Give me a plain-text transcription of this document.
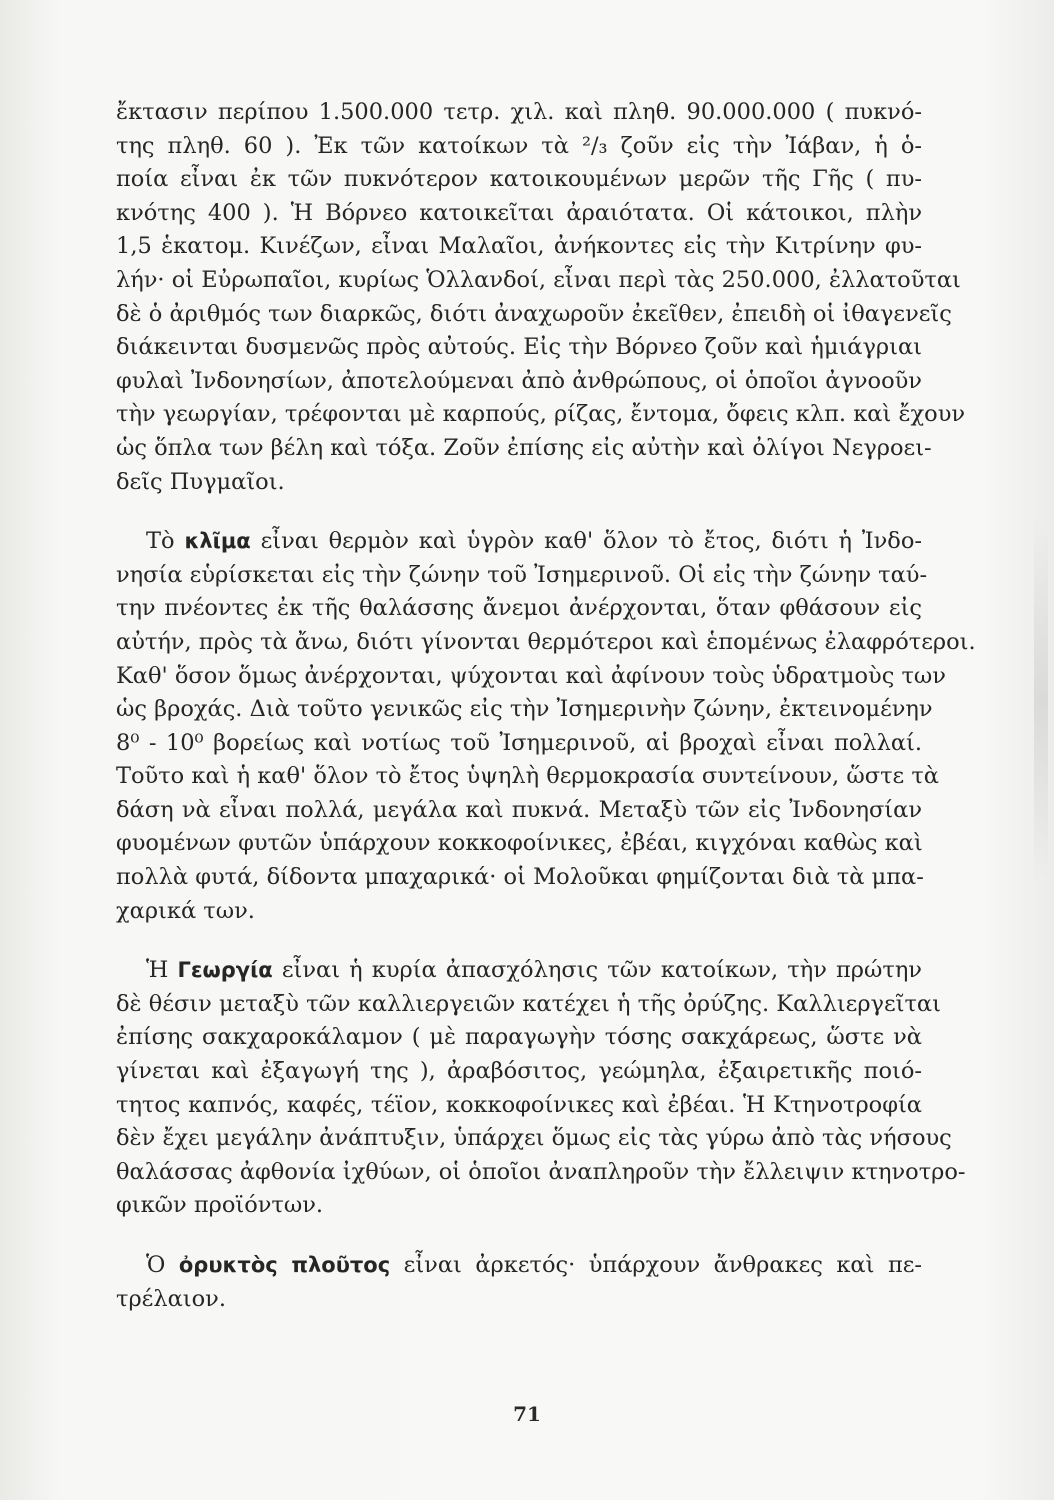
ἔκτασιν περίπου 1.500.000 τετρ. χιλ. καὶ πληθ. 90.000.000 ( πυκνό-
της πληθ. 60 ). Ἐκ τῶν κατοίκων τὰ ²/₃ ζοῦν εἰς τὴν Ἰάβαν, ἡ ὁ-
ποία εἶναι ἐκ τῶν πυκνότερον κατοικουμένων μερῶν τῆς Γῆς ( πυ-
κνότης 400 ). Ἡ Βόρνεο κατοικεῖται ἀραιότατα. Οἱ κάτοικοι, πλὴν
1,5 ἑκατομ. Κινέζων, εἶναι Μαλαῖοι, ἀνήκοντες εἰς τὴν Κιτρίνην φυ-
λήν· οἱ Εὐρωπαῖοι, κυρίως Ὁλλανδοί, εἶναι περὶ τὰς 250.000, ἐλλατοῦται
δὲ ὁ ἀριθμός των διαρκῶς, διότι ἀναχωροῦν ἐκεῖθεν, ἐπειδὴ οἱ ἰθαγενεῖς
διάκεινται δυσμενῶς πρὸς αὐτούς. Εἰς τὴν Βόρνεο ζοῦν καὶ ἡμιάγριαι
φυλαὶ Ἰνδονησίων, ἀποτελούμεναι ἀπὸ ἀνθρώπους, οἱ ὁποῖοι ἀγνοοῦν
τὴν γεωργίαν, τρέφονται μὲ καρπούς, ρίζας, ἔντομα, ὄφεις κλπ. καὶ ἔχουν
ὡς ὅπλα των βέλη καὶ τόξα. Ζοῦν ἐπίσης εἰς αὐτὴν καὶ ὀλίγοι Νεγροει-
δεῖς Πυγμαῖοι.

Τὸ κλῖμα εἶναι θερμὸν καὶ ὑγρὸν καθ' ὅλον τὸ ἔτος, διότι ἡ Ἰνδο-
νησία εὑρίσκεται εἰς τὴν ζώνην τοῦ Ἰσημερινοῦ. Οἱ εἰς τὴν ζώνην ταύ-
την πνέοντες ἐκ τῆς θαλάσσης ἄνεμοι ἀνέρχονται, ὅταν φθάσουν εἰς
αὐτήν, πρὸς τὰ ἄνω, διότι γίνονται θερμότεροι καὶ ἑπομένως ἐλαφρότεροι.
Καθ' ὅσον ὅμως ἀνέρχονται, ψύχονται καὶ ἀφίνουν τοὺς ὑδρατμοὺς των
ὡς βροχάς. Διὰ τοῦτο γενικῶς εἰς τὴν Ἰσημερινὴν ζώνην, ἐκτεινομένην
8⁰ - 10⁰ βορείως καὶ νοτίως τοῦ Ἰσημερινοῦ, αἱ βροχαὶ εἶναι πολλαί.
Τοῦτο καὶ ἡ καθ' ὅλον τὸ ἔτος ὑψηλὴ θερμοκρασία συντείνουν, ὥστε τὰ
δάση νὰ εἶναι πολλά, μεγάλα καὶ πυκνά. Μεταξὺ τῶν εἰς Ἰνδονησίαν
φυομένων φυτῶν ὑπάρχουν κοκκοφοίνικες, ἐβέαι, κιγχόναι καθὼς καὶ
πολλὰ φυτά, δίδοντα μπαχαρικά· οἱ Μολοῦκαι φημίζονται διὰ τὰ μπα-
χαρικά των.

Ἡ Γεωργία εἶναι ἡ κυρία ἀπασχόλησις τῶν κατοίκων, τὴν πρώτην
δὲ θέσιν μεταξὺ τῶν καλλιεργειῶν κατέχει ἡ τῆς ὀρύζης. Καλλιεργεῖται
ἐπίσης σακχαροκάλαμον ( μὲ παραγωγὴν τόσης σακχάρεως, ὥστε νὰ
γίνεται καὶ ἐξαγωγή της ), ἀραβόσιτος, γεώμηλα, ἐξαιρετικῆς ποιό-
τητος καπνός, καφές, τέϊον, κοκκοφοίνικες καὶ ἐβέαι. Ἡ Κτηνοτροφία
δὲν ἔχει μεγάλην ἀνάπτυξιν, ὑπάρχει ὅμως εἰς τὰς γύρω ἀπὸ τὰς νήσους
θαλάσσας ἀφθονία ἰχθύων, οἱ ὁποῖοι ἀναπληροῦν τὴν ἔλλειψιν κτηνοτρο-
φικῶν προϊόντων.

Ὁ ὀρυκτὸς πλοῦτος εἶναι ἀρκετός· ὑπάρχουν ἄνθρακες καὶ πε-
τρέλαιον.

71
